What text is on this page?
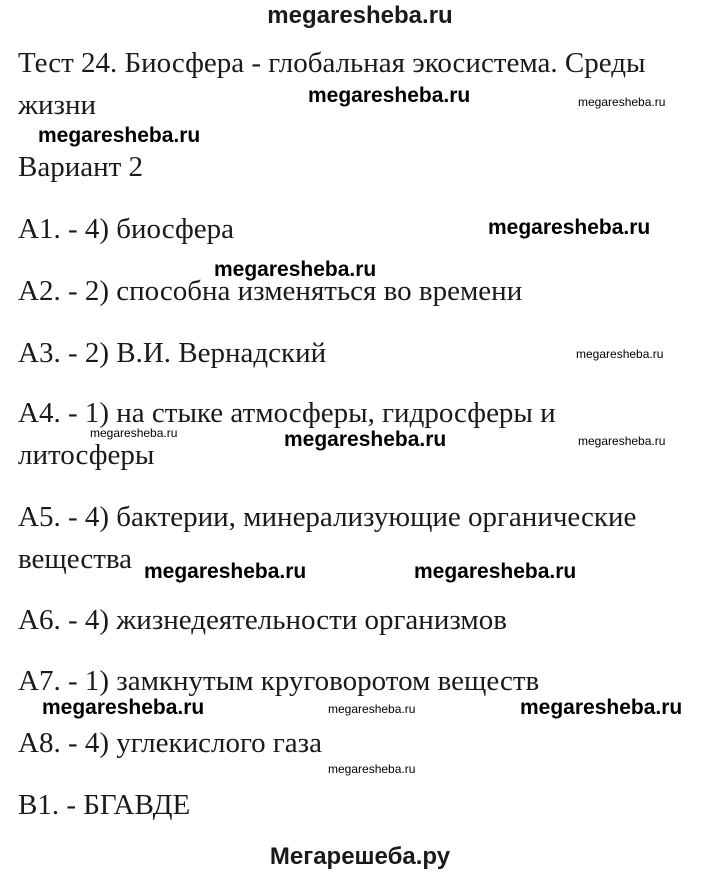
megaresheba.ru
Тест 24. Биосфера - глобальная экосистема. Среды
жизни
Вариант 2
А1. - 4) биосфера
А2. - 2) способна изменяться во времени
А3. - 2) В.И. Вернадский
А4. - 1) на стыке атмосферы, гидросферы и
литосферы
А5. - 4) бактерии, минерализующие органические
вещества
А6. - 4) жизнедеятельности организмов
А7. - 1) замкнутым круговоротом веществ
А8. - 4) углекислого газа
В1. - БГАВДЕ
megaresheba.ru	megaresheba.ru
megaresheba.ru
megaresheba.ru
megaresheba.ru
megaresheba.ru
megaresheba.ru	megaresheba.ru	megaresheba.ru
megaresheba.ru	megaresheba.ru
megaresheba.ru	megaresheba.ru	megaresheba.ru
megaresheba.ru
Мегарешеба.ру
